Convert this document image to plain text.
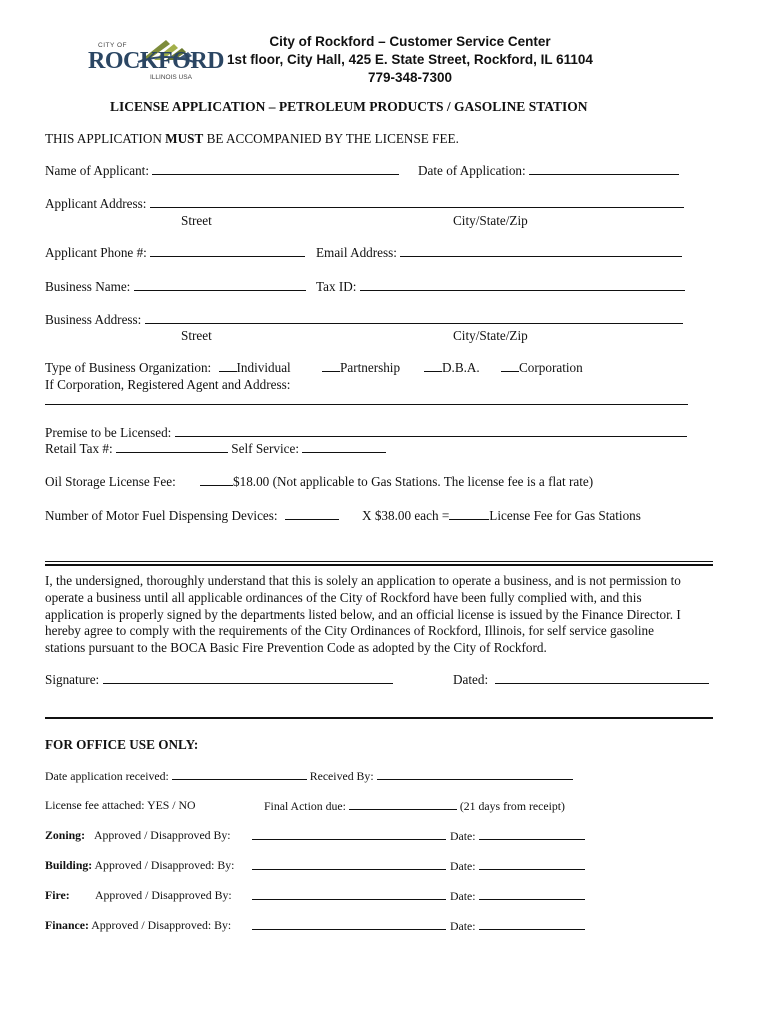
CITY OF
ROCKFORD
ILLINOIS USA
City of Rockford – Customer Service Center
1st floor, City Hall, 425 E. State Street, Rockford, IL 61104
779-348-7300
LICENSE APPLICATION – PETROLEUM PRODUCTS / GASOLINE STATION
THIS APPLICATION MUST BE ACCOMPANIED BY THE LICENSE FEE.
Name of Applicant:	Date of Application:
Applicant Address:
Street	City/State/Zip
Applicant Phone #:	Email Address:
Business Name:	Tax ID:
Business Address:
Street	City/State/Zip
Type of Business Organization: Individual	Partnership	D.B.A.	Corporation
If Corporation, Registered Agent and Address:
Premise to be Licensed:
Retail Tax #:	Self Service:
Oil Storage License Fee:	$18.00 (Not applicable to Gas Stations. The license fee is a flat rate)
Number of Motor Fuel Dispensing Devices:	X $38.00 each =	License Fee for Gas Stations
I, the undersigned, thoroughly understand that this is solely an application to operate a business, and is not permission to
operate a business until all applicable ordinances of the City of Rockford have been fully complied with, and this
application is properly signed by the departments listed below, and an official license is issued by the Finance Director. I
hereby agree to comply with the requirements of the City Ordinances of Rockford, Illinois, for self service gasoline
stations pursuant to the BOCA Basic Fire Prevention Code as adopted by the City of Rockford.
Signature:	Dated:
FOR OFFICE USE ONLY:
Date application received:	Received By:
License fee attached: YES / NO	Final Action due:	(21 days from receipt)
Zoning: Approved / Disapproved By:	Date:
Building: Approved / Disapproved: By:	Date:
Fire: Approved / Disapproved By:	Date:
Finance: Approved / Disapproved: By:	Date:
